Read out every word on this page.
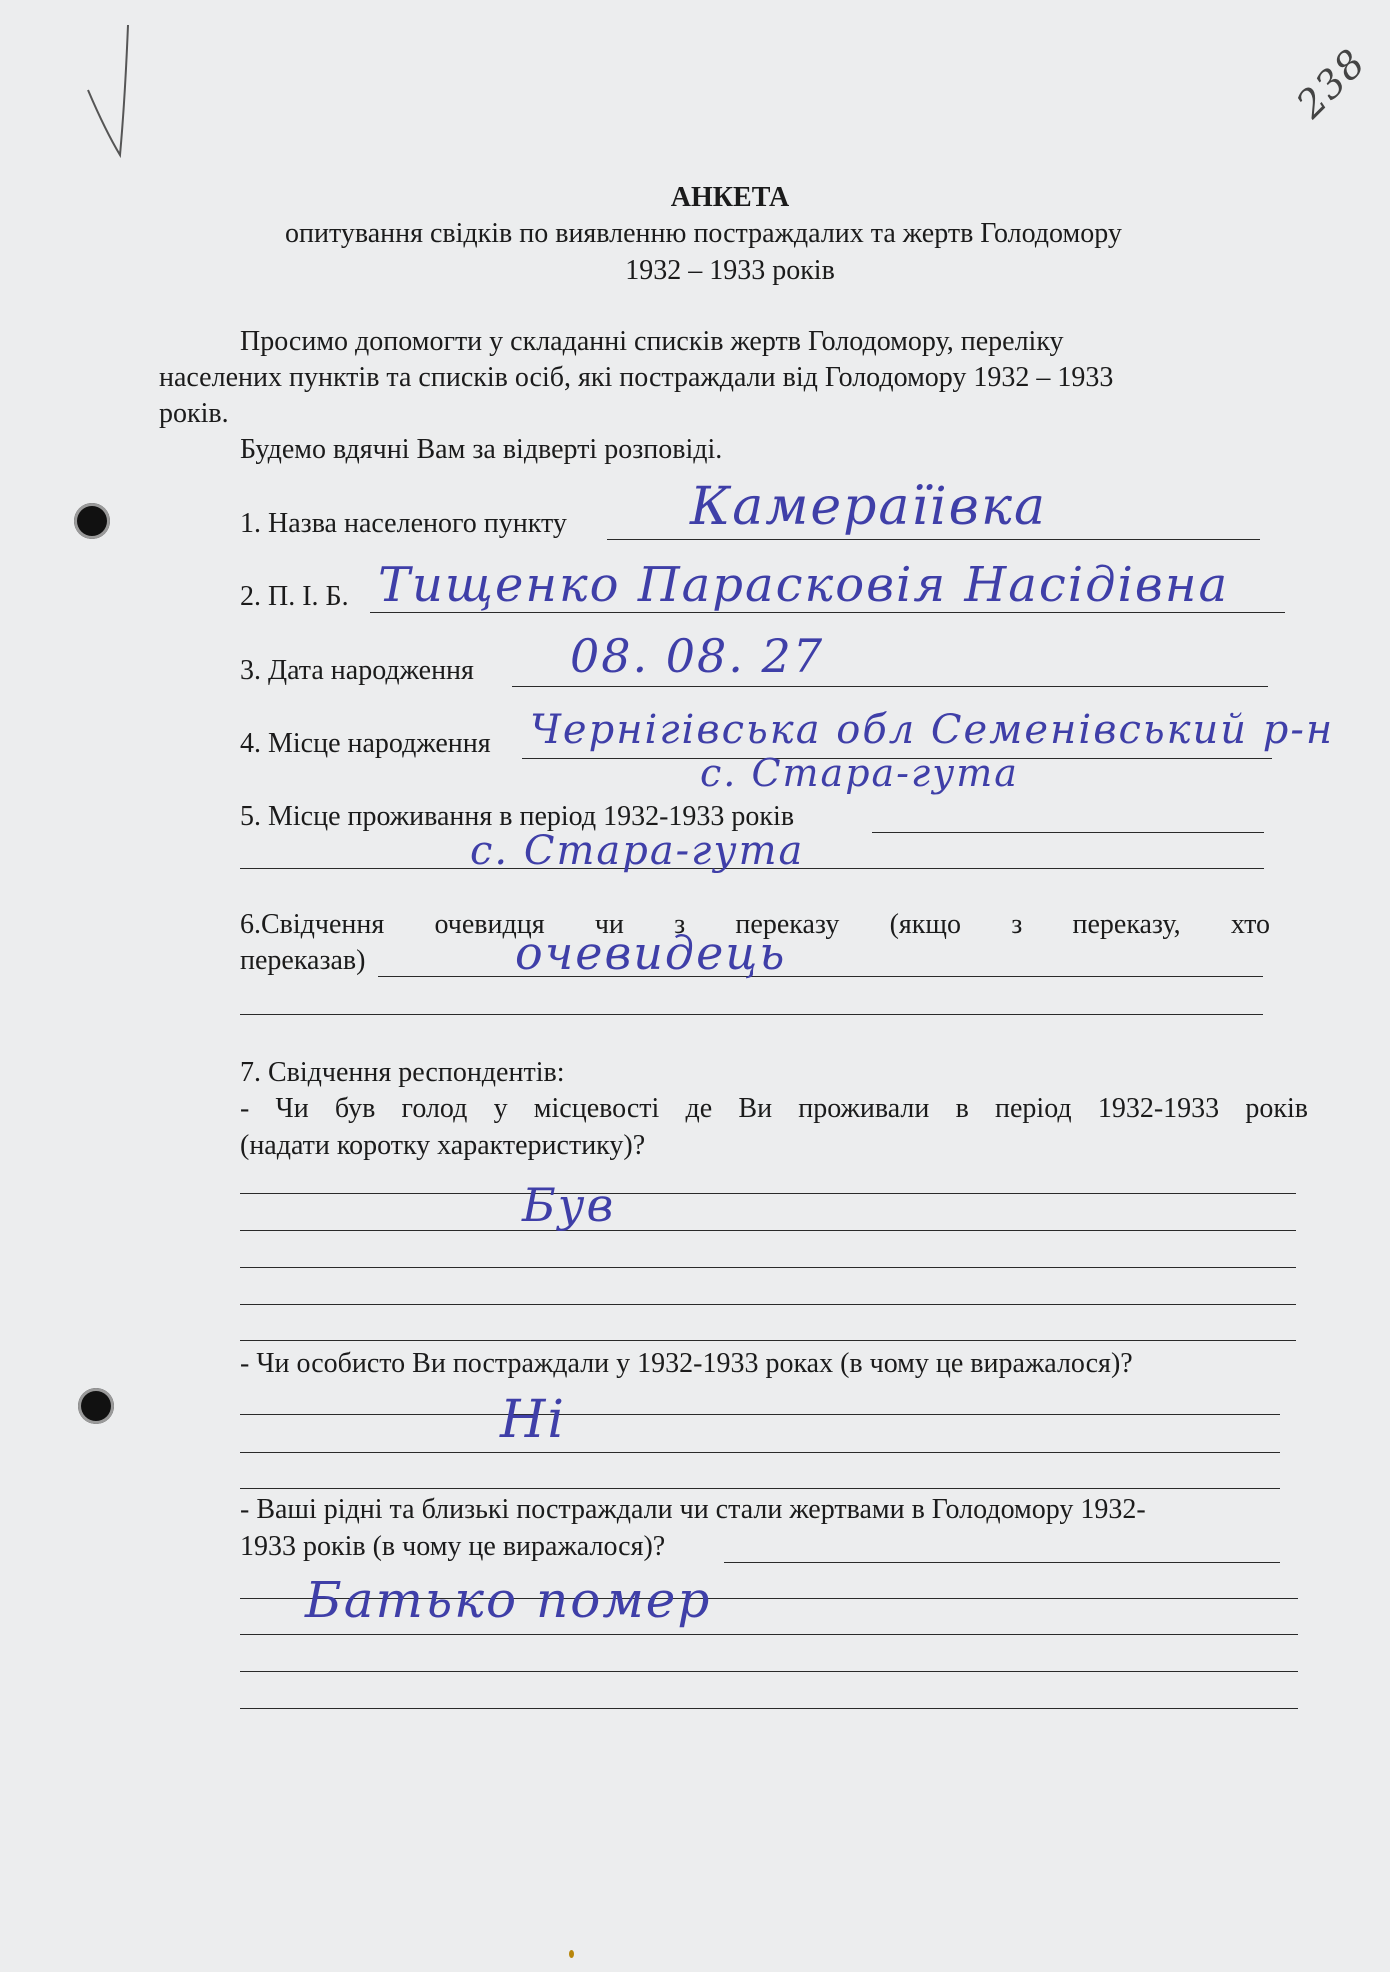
238
АНКЕТА
опитування свідків по виявленню постраждалих та жертв Голодомору
1932 – 1933 років
Просимо допомогти у складанні списків жертв Голодомору, переліку
населених пунктів та списків осіб, які постраждали від Голодомору 1932 – 1933
років.
Будемо вдячні Вам за відверті розповіді.
1. Назва населеного пункту Камерaїівка
2. П. І. Б. Тищенко Парасковія Насідівна
3. Дата народження 08. 08. 27
4. Місце народження Чернігівська обл Семенівський р-н
с. Стара-гута
5. Місце проживання в період 1932-1933 років
с. Стара-гута
6.Свідчення очевидця чи з переказу (якщо з переказу, хто
переказав)	очевидець
7. Свідчення респондентів:
- Чи був голод у місцевості де Ви проживали в період 1932-1933 років
(надати коротку характеристику)?
Був
- Чи особисто Ви постраждали у 1932-1933 роках (в чому це виражалося)?
Ні
- Ваші рідні та близькі постраждали чи стали жертвами в Голодомору 1932-
1933 років (в чому це виражалося)?
Батько помер
